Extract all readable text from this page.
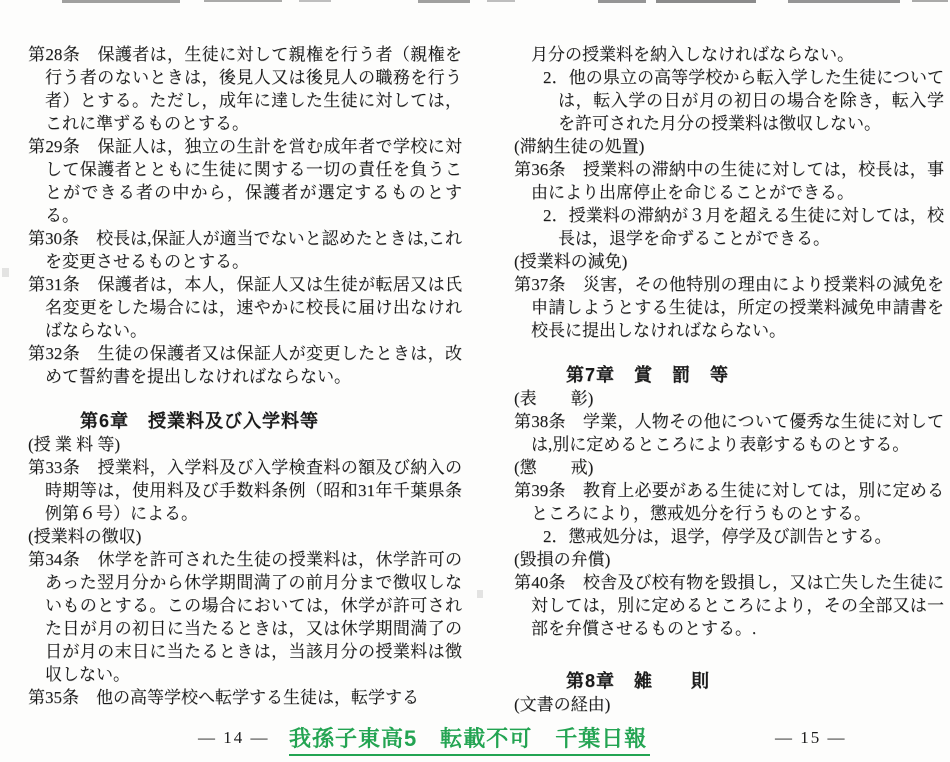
第28条　保護者は，生徒に対して親権を行う者（親権を行う者のないときは，後見人又は後見人の職務を行う者）とする。ただし，成年に達した生徒に対しては，これに準ずるものとする。

第29条　保証人は，独立の生計を営む成年者で学校に対して保護者とともに生徒に関する一切の責任を負うことができる者の中から，保護者が選定するものとする。

第30条　校長は,保証人が適当でないと認めたときは,これを変更させるものとする。

第31条　保護者は，本人，保証人又は生徒が転居又は氏名変更をした場合には，速やかに校長に届け出なければならない。

第32条　生徒の保護者又は保証人が変更したときは，改めて誓約書を提出しなければならない。

第6章　授業料及び入学料等

(授 業 料 等)

第33条　授業料，入学料及び入学検査料の額及び納入の時期等は，使用料及び手数料条例（昭和31年千葉県条例第６号）による。

(授業料の徴収)

第34条　休学を許可された生徒の授業料は，休学許可のあった翌月分から休学期間満了の前月分まで徴収しないものとする。この場合においては，休学が許可された日が月の初日に当たるときは，又は休学期間満了の日が月の末日に当たるときは，当該月分の授業料は徴収しない。

第35条　他の高等学校へ転学する生徒は，転学する

月分の授業料を納入しなければならない。

2．他の県立の高等学校から転入学した生徒については，転入学の日が月の初日の場合を除き，転入学を許可された月分の授業料は徴収しない。

(滞納生徒の処置)

第36条　授業料の滞納中の生徒に対しては，校長は，事由により出席停止を命じることができる。

2．授業料の滞納が３月を超える生徒に対しては，校長は，退学を命ずることができる。

(授業料の減免)

第37条　災害，その他特別の理由により授業料の減免を申請しようとする生徒は，所定の授業料減免申請書を校長に提出しなければならない。

第7章　賞　罰　等

(表　　彰)

第38条　学業，人物その他について優秀な生徒に対しては,別に定めるところにより表彰するものとする。

(懲　　戒)

第39条　教育上必要がある生徒に対しては，別に定めるところにより，懲戒処分を行うものとする。

2．懲戒処分は，退学，停学及び訓告とする。

(毀損の弁償)

第40条　校舎及び校有物を毀損し，又は亡失した生徒に対しては，別に定めるところにより，その全部又は一部を弁償させるものとする。.

第8章　雑　　則

(文書の経由)

— 14 — 我孫子東高5　転載不可　千葉日報	— 15 —
